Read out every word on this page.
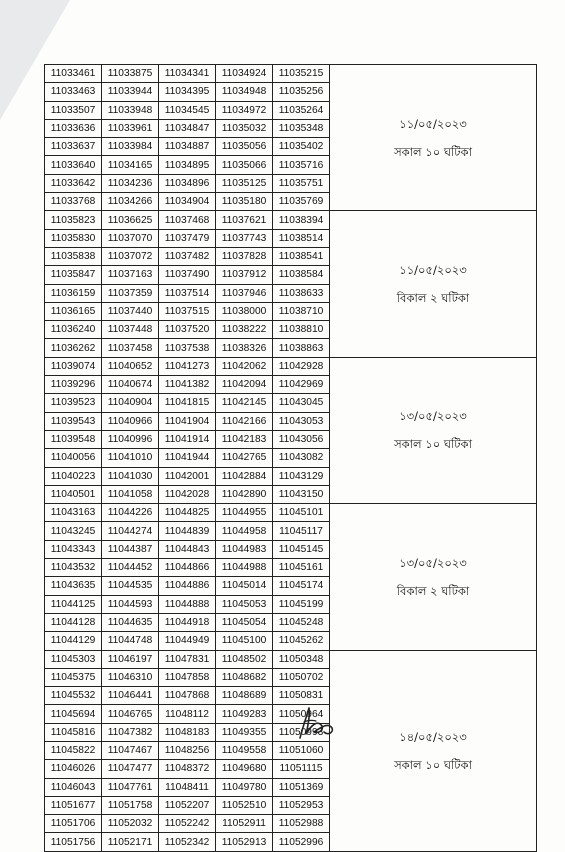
11033461	11033875	11034341	11034924	11035215	১১/০৫/২০২৩
সকাল ১০ ঘটিকা

11033463	11033944	11034395	11034948	11035256	
11033507	11033948	11034545	11034972	11035264	
11033636	11033961	11034847	11035032	11035348	
11033637	11033984	11034887	11035056	11035402	
11033640	11034165	11034895	11035066	11035716	
11033642	11034236	11034896	11035125	11035751	
11033768	11034266	11034904	11035180	11035769	
11035823	11036625	11037468	11037621	11038394	১১/০৫/২০২৩
বিকাল ২ ঘটিকা

11035830	11037070	11037479	11037743	11038514	
11035838	11037072	11037482	11037828	11038541	
11035847	11037163	11037490	11037912	11038584	
11036159	11037359	11037514	11037946	11038633	
11036165	11037440	11037515	11038000	11038710	
11036240	11037448	11037520	11038222	11038810	
11036262	11037458	11037538	11038326	11038863	
11039074	11040652	11041273	11042062	11042928	১৩/০৫/২০২৩
সকাল ১০ ঘটিকা

11039296	11040674	11041382	11042094	11042969	
11039523	11040904	11041815	11042145	11043045	
11039543	11040966	11041904	11042166	11043053	
11039548	11040996	11041914	11042183	11043056	
11040056	11041010	11041944	11042765	11043082	
11040223	11041030	11042001	11042884	11043129	
11040501	11041058	11042028	11042890	11043150	
11043163	11044226	11044825	11044955	11045101	১৩/০৫/২০২৩
বিকাল ২ ঘটিকা

11043245	11044274	11044839	11044958	11045117	
11043343	11044387	11044843	11044983	11045145	
11043532	11044452	11044866	11044988	11045161	
11043635	11044535	11044886	11045014	11045174	
11044125	11044593	11044888	11045053	11045199	
11044128	11044635	11044918	11045054	11045248	
11044129	11044748	11044949	11045100	11045262	
11045303	11046197	11047831	11048502	11050348	১৪/০৫/২০২৩
সকাল ১০ ঘটিকা

11045375	11046310	11047858	11048682	11050702	
11045532	11046441	11047868	11048689	11050831	
11045694	11046765	11048112	11049283	11050964	
11045816	11047382	11048183	11049355	11050993	
11045822	11047467	11048256	11049558	11051060	
11046026	11047477	11048372	11049680	11051115	
11046043	11047761	11048411	11049780	11051369	
11051677	11051758	11052207	11052510	11052953	
11051706	11052032	11052242	11052911	11052988	
11051756	11052171	11052342	11052913	11052996	
